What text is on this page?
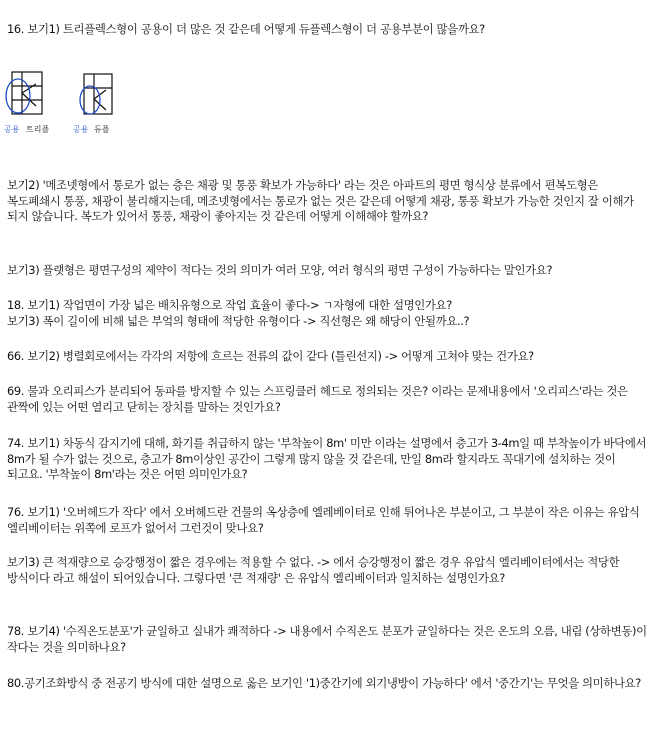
16. 보기1) 트리플렉스형이 공용이 더 많은 것 같은데 어떻게 듀플렉스형이 더 공용부분이 많을까요?
공용 트리플	공용 듀플
보기2) '메조넷형에서 통로가 없는 층은 채광 및 통풍 확보가 가능하다' 라는 것은 아파트의 평면 형식상 분류에서 편복도형은 복도폐쇄시 통풍, 채광이 불리해지는데, 메조넷형에서는 통로가 없는 것은 같은데 어떻게 채광, 통풍 확보가 가능한 것인지 잘 이해가 되지 않습니다. 복도가 있어서 통풍, 채광이 좋아지는 것 같은데 어떻게 이해해야 할까요?
보기3) 플랫형은 평면구성의 제약이 적다는 것의 의미가 여러 모양, 여러 형식의 평면 구성이 가능하다는 말인가요?
18. 보기1) 작업면이 가장 넓은 배치유형으로 작업 효율이 좋다-> ㄱ자형에 대한 설명인가요?
보기3) 폭이 길이에 비해 넓은 부엌의 형태에 적당한 유형이다 -> 직선형은 왜 해당이 안될까요..?
66. 보기2) 병렬회로에서는 각각의 저항에 흐르는 전류의 값이 같다 (틀린선지) -> 어떻게 고쳐야 맞는 건가요?
69. 물과 오리피스가 분리되어 동파를 방지할 수 있는 스프링클러 헤드로 정의되는 것은? 이라는 문제내용에서 '오리피스'라는 것은 관짝에 있는 어떤 열리고 닫히는 장치를 말하는 것인가요?
74. 보기1) 차동식 감지기에 대해, 화기를 취급하지 않는 '부착높이 8m' 미만 이라는 설명에서 층고가 3-4m일 때 부착높이가 바닥에서 8m가 될 수가 없는 것으로, 층고가 8m이상인 공간이 그렇게 많지 않을 것 같은데, 만일 8m라 할지라도 꼭대기에 설치하는 것이 되고요. '부착높이 8m'라는 것은 어떤 의미인가요?
76. 보기1) '오버헤드가 작다' 에서 오버헤드란 건물의 옥상층에 엘레베이터로 인해 튀어나온 부분이고, 그 부분이 작은 이유는 유압식 엘리베이터는 위쪽에 로프가 없어서 그런것이 맞나요?
보기3) 큰 적재량으로 승강행정이 짧은 경우에는 적용할 수 없다. -> 에서 승강행정이 짧은 경우 유압식 엘리베이터에서는 적당한 방식이다 라고 해설이 되어있습니다. 그렇다면 '큰 적재량' 은 유압식 엘리베이터과 일치하는 설명인가요?
78. 보기4) '수직온도분포'가 균일하고 실내가 쾌적하다 -> 내용에서 수직온도 분포가 균일하다는 것은 온도의 오름, 내림 (상하변동)이 작다는 것을 의미하나요?
80.공기조화방식 중 전공기 방식에 대한 설명으로 옳은 보기인 '1)중간기에 외기냉방이 가능하다' 에서 '중간기'는 무엇을 의미하나요?
